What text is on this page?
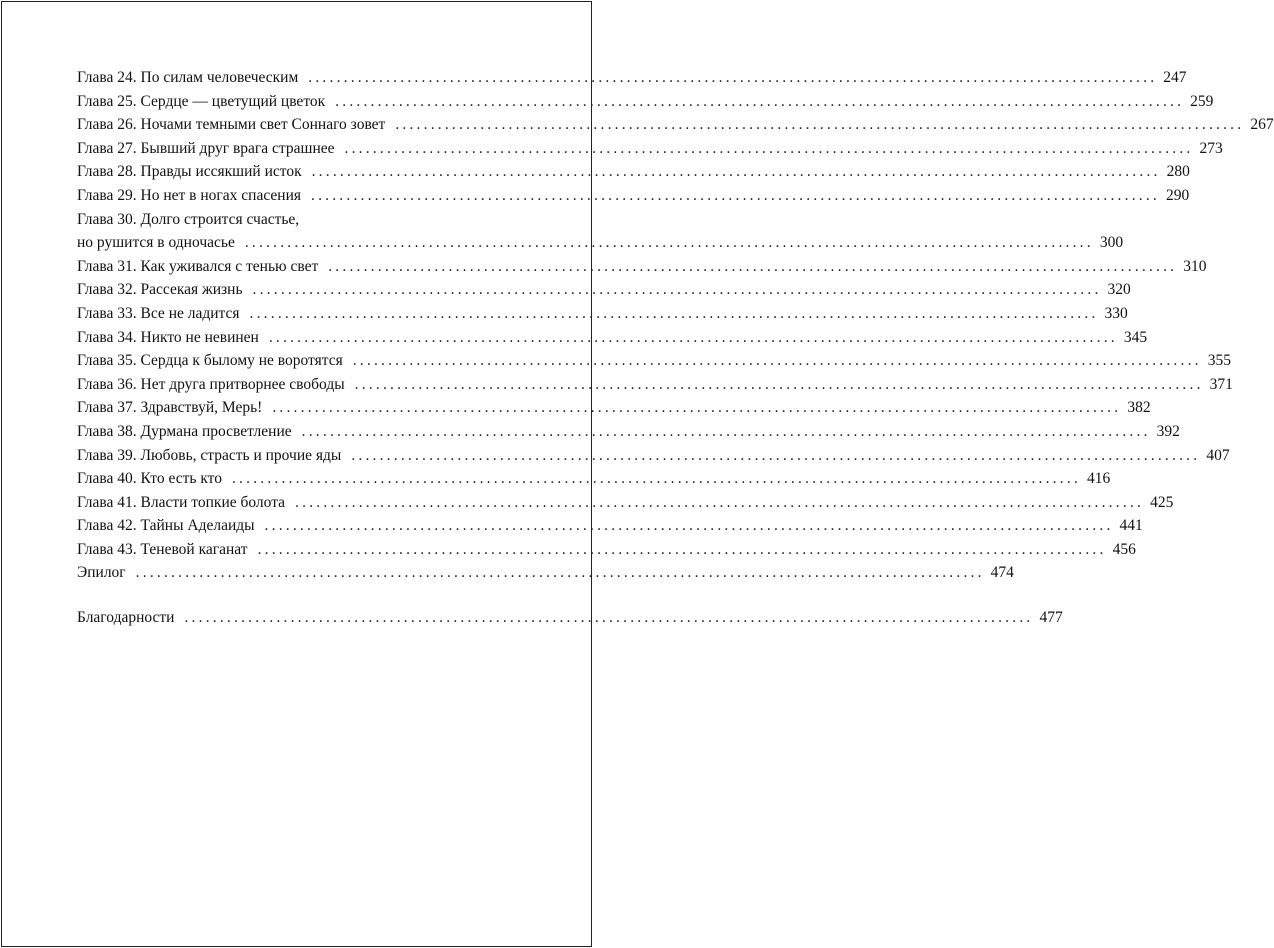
Глава 24. По силам человеческим ........................................................................................................................ 247
Глава 25. Сердце — цветущий цветок ........................................................................................................................ 259
Глава 26. Ночами темными свет Соннаго зовет ........................................................................................................................ 267
Глава 27. Бывший друг врага страшнее ........................................................................................................................ 273
Глава 28. Правды иссякший исток ........................................................................................................................ 280
Глава 29. Но нет в ногах спасения ........................................................................................................................ 290
Глава 30. Долго строится счастье,
но рушится в одночасье ........................................................................................................................ 300
Глава 31. Как уживался с тенью свет ........................................................................................................................ 310
Глава 32. Рассекая жизнь ........................................................................................................................ 320
Глава 33. Все не ладится ........................................................................................................................ 330
Глава 34. Никто не невинен ........................................................................................................................ 345
Глава 35. Сердца к былому не воротятся ........................................................................................................................ 355
Глава 36. Нет друга притворнее свободы ........................................................................................................................ 371
Глава 37. Здравствуй, Мерь! ........................................................................................................................ 382
Глава 38. Дурмана просветление ........................................................................................................................ 392
Глава 39. Любовь, страсть и прочие яды ........................................................................................................................ 407
Глава 40. Кто есть кто ........................................................................................................................ 416
Глава 41. Власти топкие болота ........................................................................................................................ 425
Глава 42. Тайны Аделаиды ........................................................................................................................ 441
Глава 43. Теневой каганат ........................................................................................................................ 456
Эпилог ........................................................................................................................ 474
Благодарности ........................................................................................................................ 477
